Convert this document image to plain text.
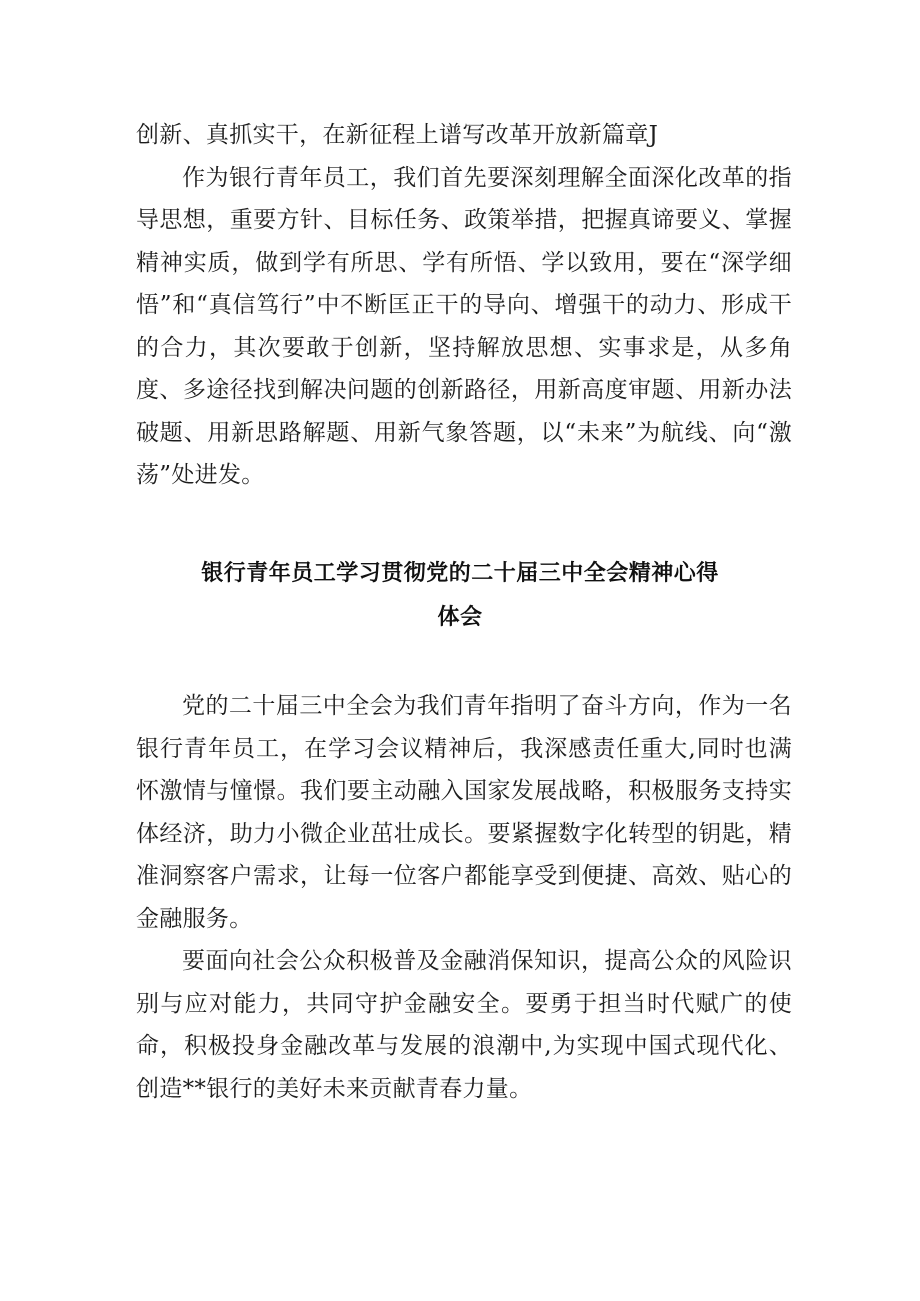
创新、真抓实干，在新征程上谱写改革开放新篇章J

作为银行青年员工，我们首先要深刻理解全面深化改革的指导思想，重要方针、目标任务、政策举措，把握真谛要义、掌握精神实质，做到学有所思、学有所悟、学以致用，要在“深学细悟”和“真信笃行”中不断匡正干的导向、增强干的动力、形成干的合力，其次要敢于创新，坚持解放思想、实事求是，从多角度、多途径找到解决问题的创新路径，用新高度审题、用新办法破题、用新思路解题、用新气象答题，以“未来”为航线、向“激荡”处进发。

银行青年员工学习贯彻党的二十届三中全会精神心得
体会

党的二十届三中全会为我们青年指明了奋斗方向，作为一名银行青年员工，在学习会议精神后，我深感责任重大,同时也满怀激情与憧憬。我们要主动融入国家发展战略，积极服务支持实体经济，助力小微企业茁壮成长。要紧握数字化转型的钥匙，精准洞察客户需求，让每一位客户都能享受到便捷、高效、贴心的金融服务。

要面向社会公众积极普及金融消保知识，提高公众的风险识别与应对能力，共同守护金融安全。要勇于担当时代赋广的使命，积极投身金融改革与发展的浪潮中,为实现中国式现代化、创造**银行的美好未来贡献青春力量。
